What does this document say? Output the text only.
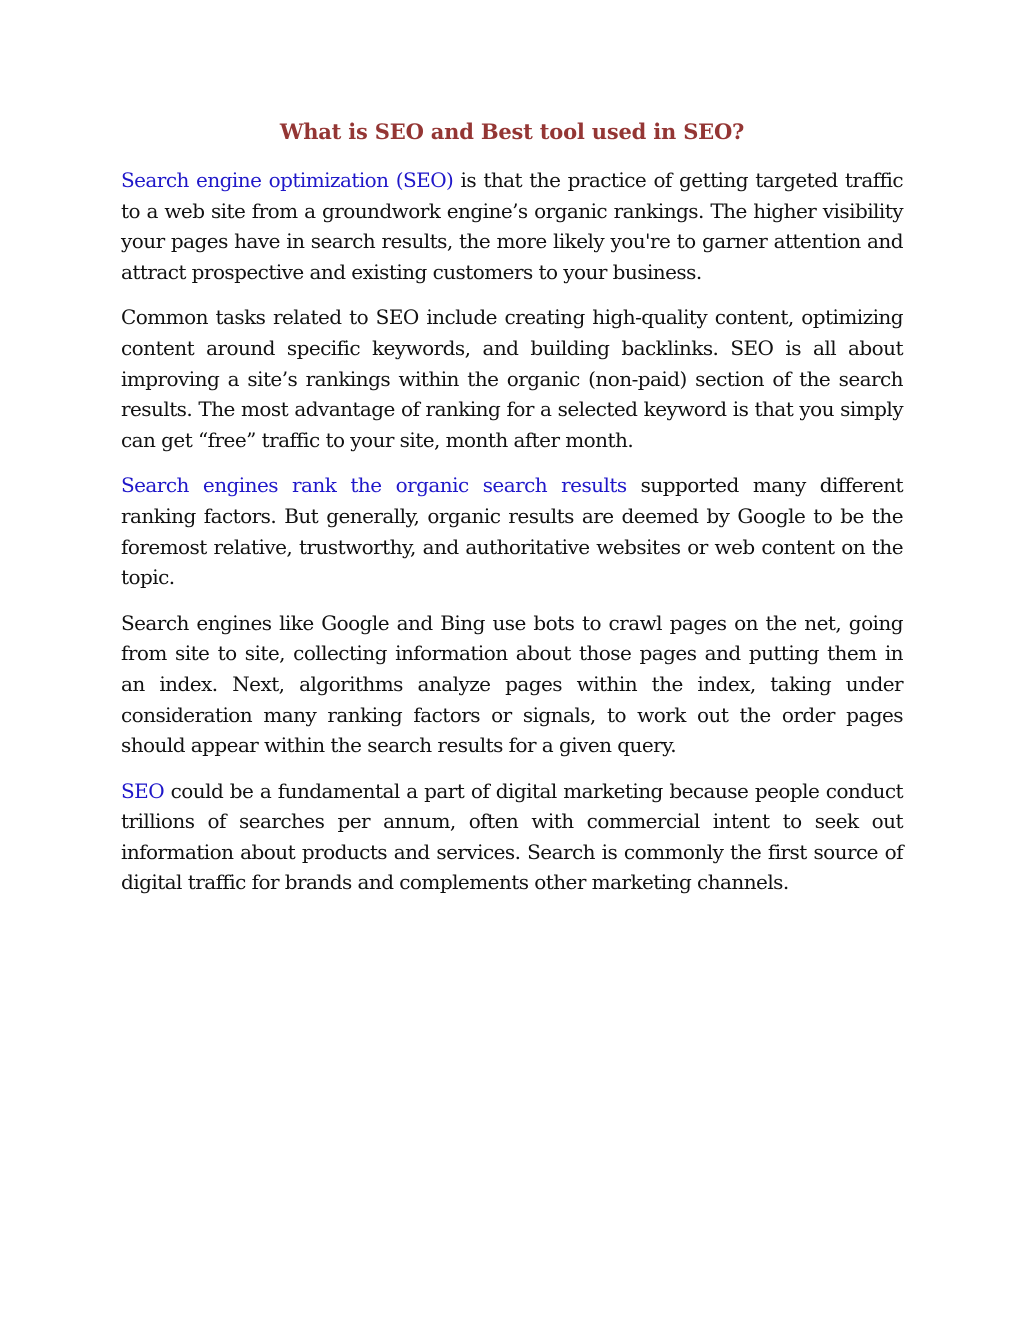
What is SEO and Best tool used in SEO?

Search engine optimization (SEO) is that the practice of getting targeted traffic to a web site from a groundwork engine’s organic rankings. The higher visibility your pages have in search results, the more likely you're to garner attention and attract prospective and existing customers to your business.

Common tasks related to SEO include creating high-quality content, optimizing content around specific keywords, and building backlinks. SEO is all about improving a site’s rankings within the organic (non-paid) section of the search results. The most advantage of ranking for a selected keyword is that you simply can get “free” traffic to your site, month after month.

Search engines rank the organic search results supported many different ranking factors. But generally, organic results are deemed by Google to be the foremost relative, trustworthy, and authoritative websites or web content on the topic.

Search engines like Google and Bing use bots to crawl pages on the net, going from site to site, collecting information about those pages and putting them in an index. Next, algorithms analyze pages within the index, taking under consideration many ranking factors or signals, to work out the order pages should appear within the search results for a given query.

SEO could be a fundamental a part of digital marketing because people conduct trillions of searches per annum, often with commercial intent to seek out information about products and services. Search is commonly the first source of digital traffic for brands and complements other marketing channels.
